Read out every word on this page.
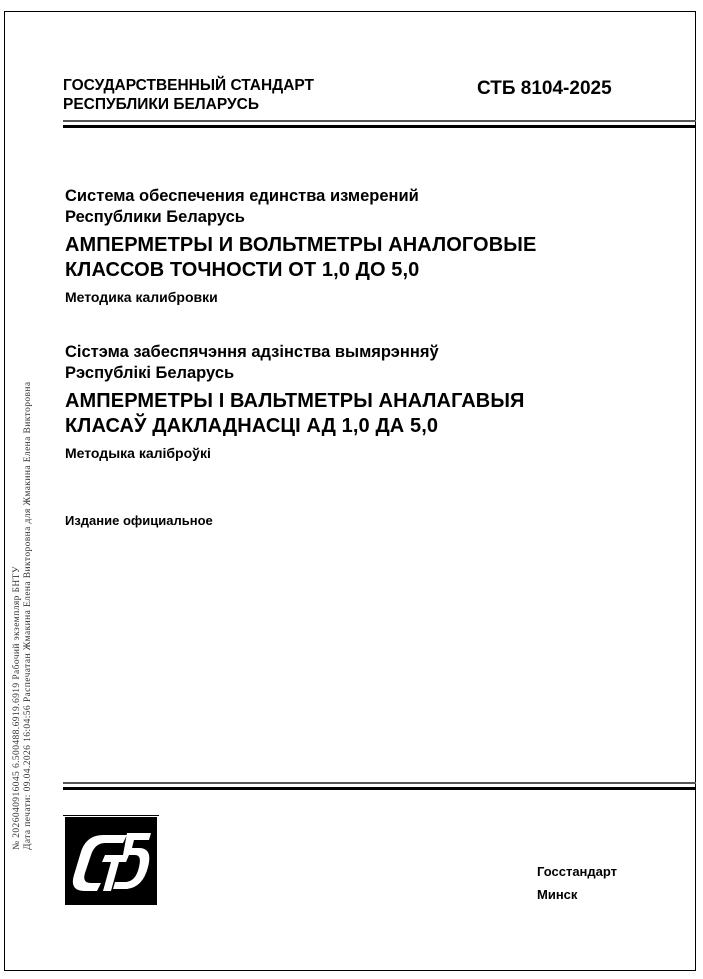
ГОСУДАРСТВЕННЫЙ СТАНДАРТ
РЕСПУБЛИКИ БЕЛАРУСЬ
СТБ 8104-2025
Система обеспечения единства измерений
Республики Беларусь
АМПЕРМЕТРЫ И ВОЛЬТМЕТРЫ АНАЛОГОВЫЕ
КЛАССОВ ТОЧНОСТИ ОТ 1,0 ДО 5,0
Методика калибровки
Сістэма забеспячэння адзінства вымярэнняў
Рэспублікі Беларусь
АМПЕРМЕТРЫ І ВАЛЬТМЕТРЫ АНАЛАГАВЫЯ
КЛАСАЎ ДАКЛАДНАСЦІ АД 1,0 ДА 5,0
Методыка каліброўкі
Издание официальное
Госстандарт
Минск
№ 2026040916045 6.500488.6919.6919 Рабочий экземпляр БНТУ Дата печати: 09.04.2026 16:04:56 Распечатан Жмакина Елена Викторовна для Жмакина Елена Викторовна
